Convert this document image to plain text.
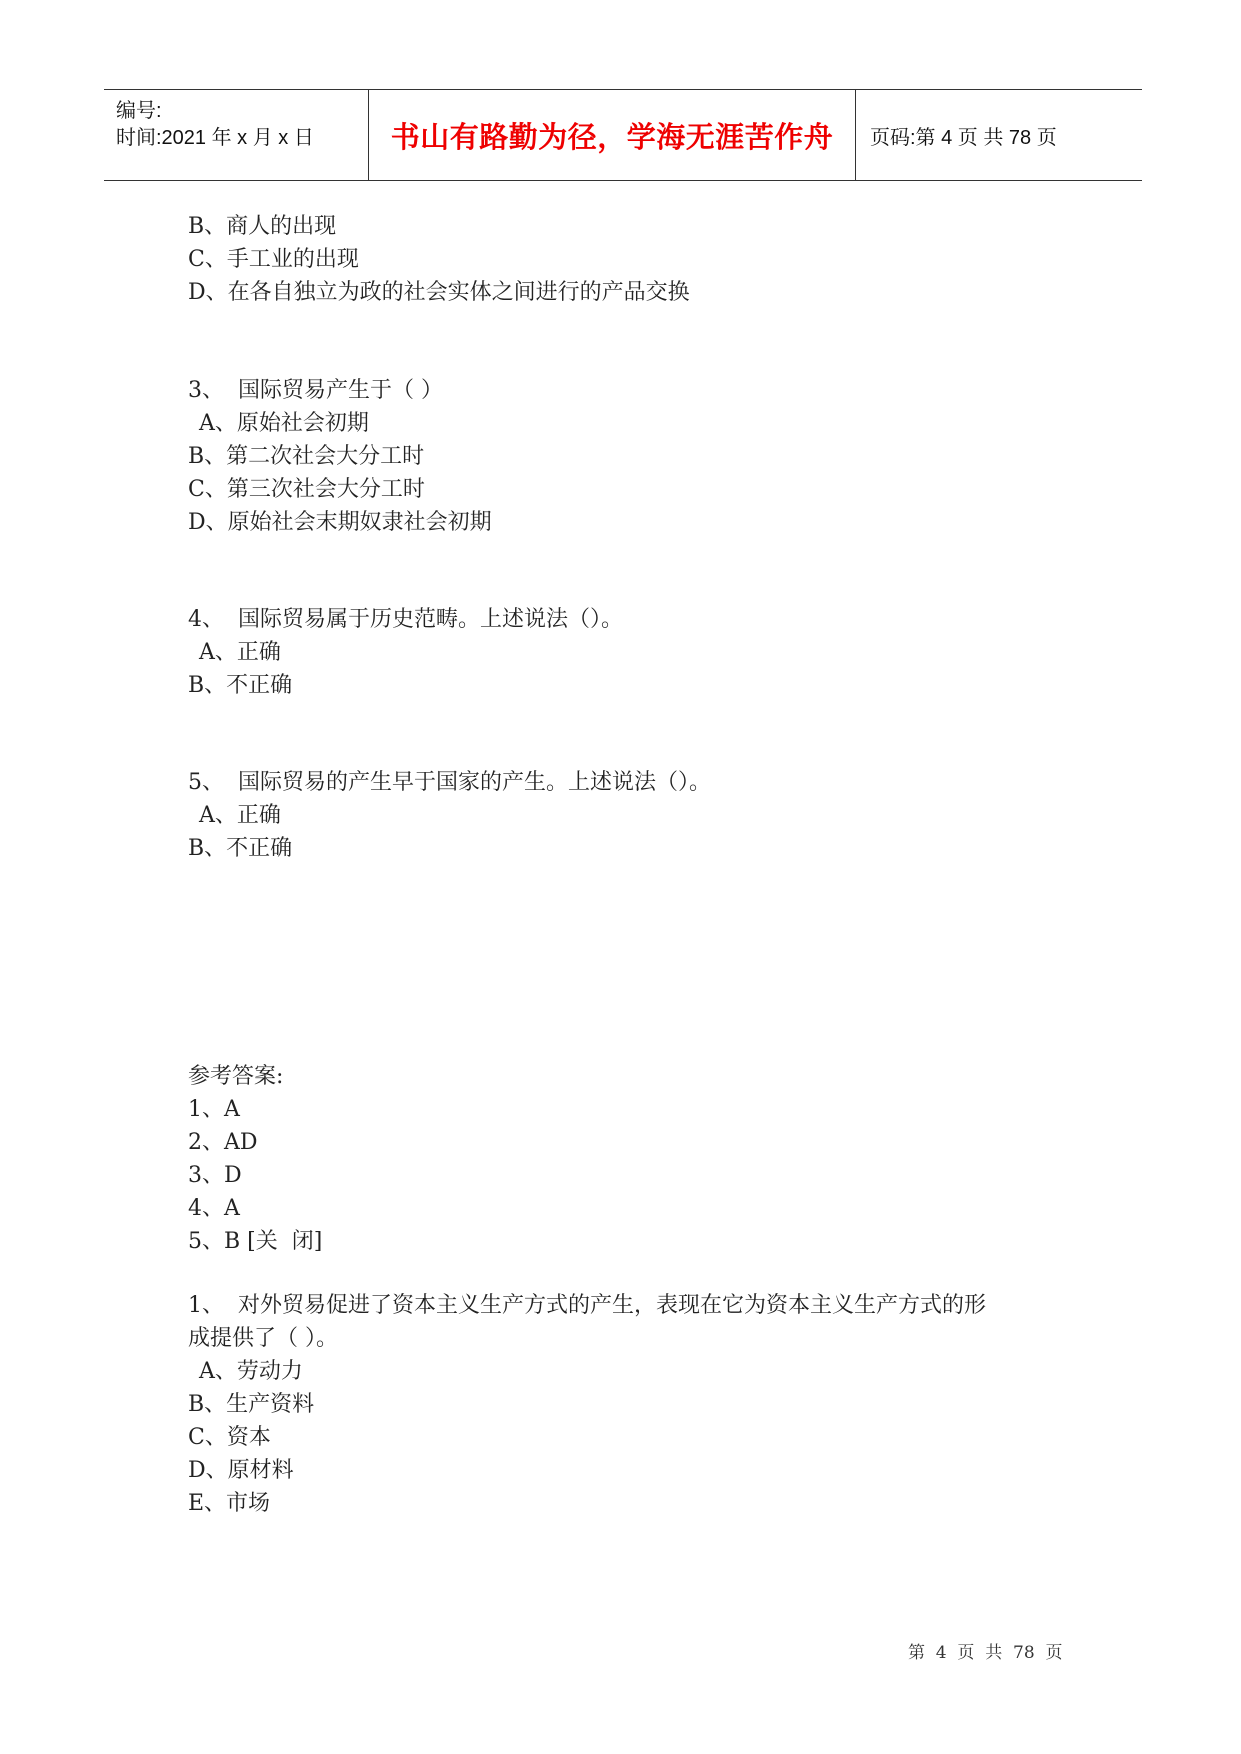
编号:
时间:2021 年 x 月 x 日	书山有路勤为径，学海无涯苦作舟 页码:第 4 页 共 78 页
B、商人的出现
C、手工业的出现
D、在各自独立为政的社会实体之间进行的产品交换
3、  国际贸易产生于（ ）
A、原始社会初期
B、第二次社会大分工时
C、第三次社会大分工时
D、原始社会末期奴隶社会初期
4、  国际贸易属于历史范畴。上述说法（）。
A、正确
B、不正确
5、  国际贸易的产生早于国家的产生。上述说法（）。
A、正确
B、不正确
参考答案:
1、A
2、AD
3、D
4、A
5、B [关  闭]
1、  对外贸易促进了资本主义生产方式的产生，表现在它为资本主义生产方式的形
成提供了（ ）。
A、劳动力
B、生产资料
C、资本
D、原材料
E、市场
第  4  页  共  78  页
